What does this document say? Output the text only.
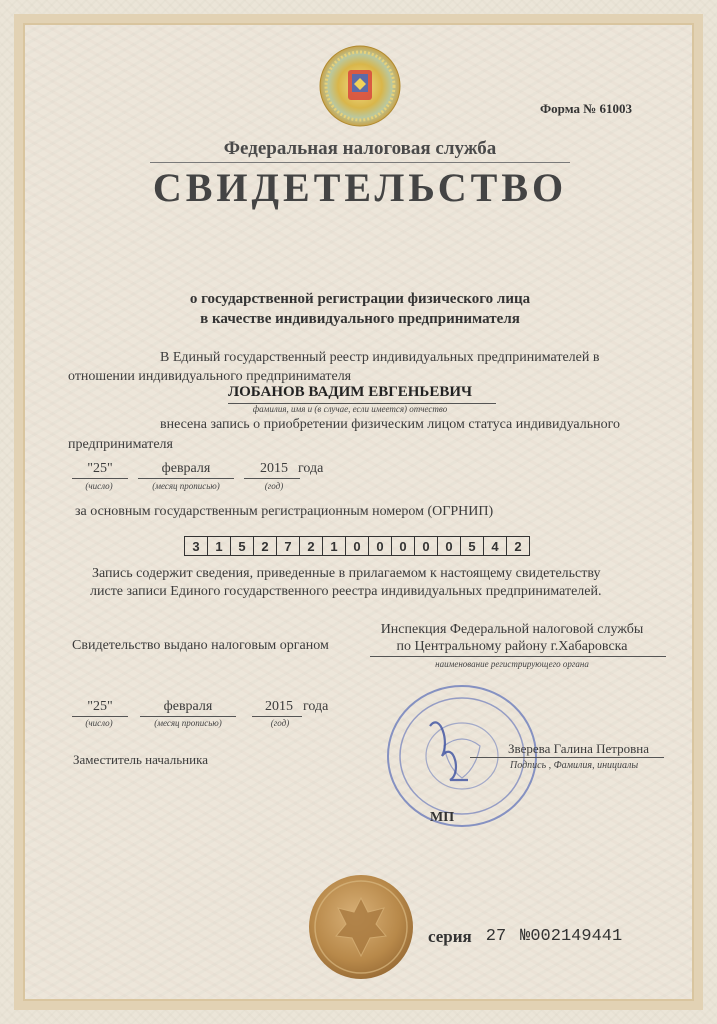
Форма № 61003
Федеральная налоговая служба
СВИДЕТЕЛЬСТВО
о государственной регистрации физического лица
в качестве индивидуального предпринимателя
В Единый государственный реестр индивидуальных предпринимателей в
отношении индивидуального предпринимателя
ЛОБАНОВ ВАДИМ ЕВГЕНЬЕВИЧ
фамилия, имя и (в случае, если имеется) отчество
внесена запись о приобретении физическим лицом статуса индивидуального
предпринимателя
"25"
(число)
февраля
(месяц прописью)
2015
(год)
года
за основным государственным регистрационным номером (ОГРНИП)
3	1	5	2	7	2	1	0	0	0	0	0	5	4	2
Запись содержит сведения, приведенные в прилагаемом к настоящему свидетельству
листе записи Единого государственного реестра индивидуальных предпринимателей.
Свидетельство выдано налоговым органом
Инспекция Федеральной налоговой службы
по Центральному району г.Хабаровска
наименование регистрирующего органа
"25"
(число)
февраля
(месяц прописью)
2015
(год)
года
Заместитель начальника
Зверева Галина Петровна
Подпись , Фамилия, инициалы
МП
серия 27 №002149441
